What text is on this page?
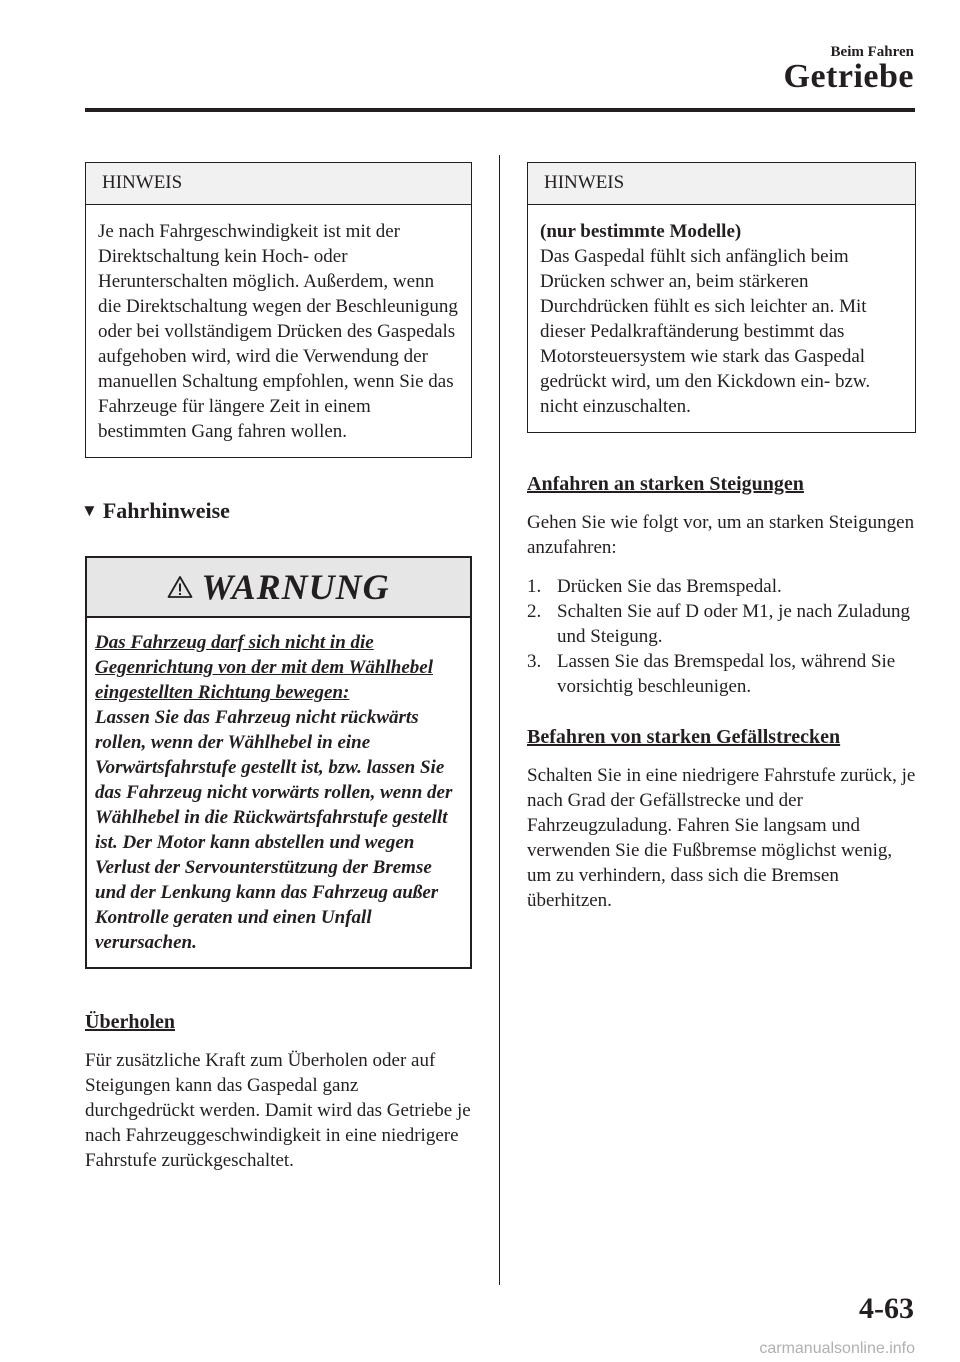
Beim Fahren
Getriebe
HINWEIS
Je nach Fahrgeschwindigkeit ist mit der Direktschaltung kein Hoch- oder Herunterschalten möglich. Außerdem, wenn die Direktschaltung wegen der Beschleunigung oder bei vollständigem Drücken des Gaspedals aufgehoben wird, wird die Verwendung der manuellen Schaltung empfohlen, wenn Sie das Fahrzeuge für längere Zeit in einem bestimmten Gang fahren wollen.
▼ Fahrhinweise
WARNUNG
Das Fahrzeug darf sich nicht in die Gegenrichtung von der mit dem Wählhebel eingestellten Richtung bewegen:
Lassen Sie das Fahrzeug nicht rückwärts rollen, wenn der Wählhebel in eine Vorwärtsfahrstufe gestellt ist, bzw. lassen Sie das Fahrzeug nicht vorwärts rollen, wenn der Wählhebel in die Rückwärtsfahrstufe gestellt ist. Der Motor kann abstellen und wegen Verlust der Servounterstützung der Bremse und der Lenkung kann das Fahrzeug außer Kontrolle geraten und einen Unfall verursachen.
Überholen
Für zusätzliche Kraft zum Überholen oder auf Steigungen kann das Gaspedal ganz durchgedrückt werden. Damit wird das Getriebe je nach Fahrzeuggeschwindigkeit in eine niedrigere Fahrstufe zurückgeschaltet.
HINWEIS
(nur bestimmte Modelle)
Das Gaspedal fühlt sich anfänglich beim Drücken schwer an, beim stärkeren Durchdrücken fühlt es sich leichter an. Mit dieser Pedalkraftänderung bestimmt das Motorsteuersystem wie stark das Gaspedal gedrückt wird, um den Kickdown ein- bzw. nicht einzuschalten.
Anfahren an starken Steigungen
Gehen Sie wie folgt vor, um an starken Steigungen anzufahren:
1. Drücken Sie das Bremspedal.
2. Schalten Sie auf D oder M1, je nach Zuladung und Steigung.
3. Lassen Sie das Bremspedal los, während Sie vorsichtig beschleunigen.
Befahren von starken Gefällstrecken
Schalten Sie in eine niedrigere Fahrstufe zurück, je nach Grad der Gefällstrecke und der Fahrzeugzuladung. Fahren Sie langsam und verwenden Sie die Fußbremse möglichst wenig, um zu verhindern, dass sich die Bremsen überhitzen.
4-63
carmanualsonline.info
